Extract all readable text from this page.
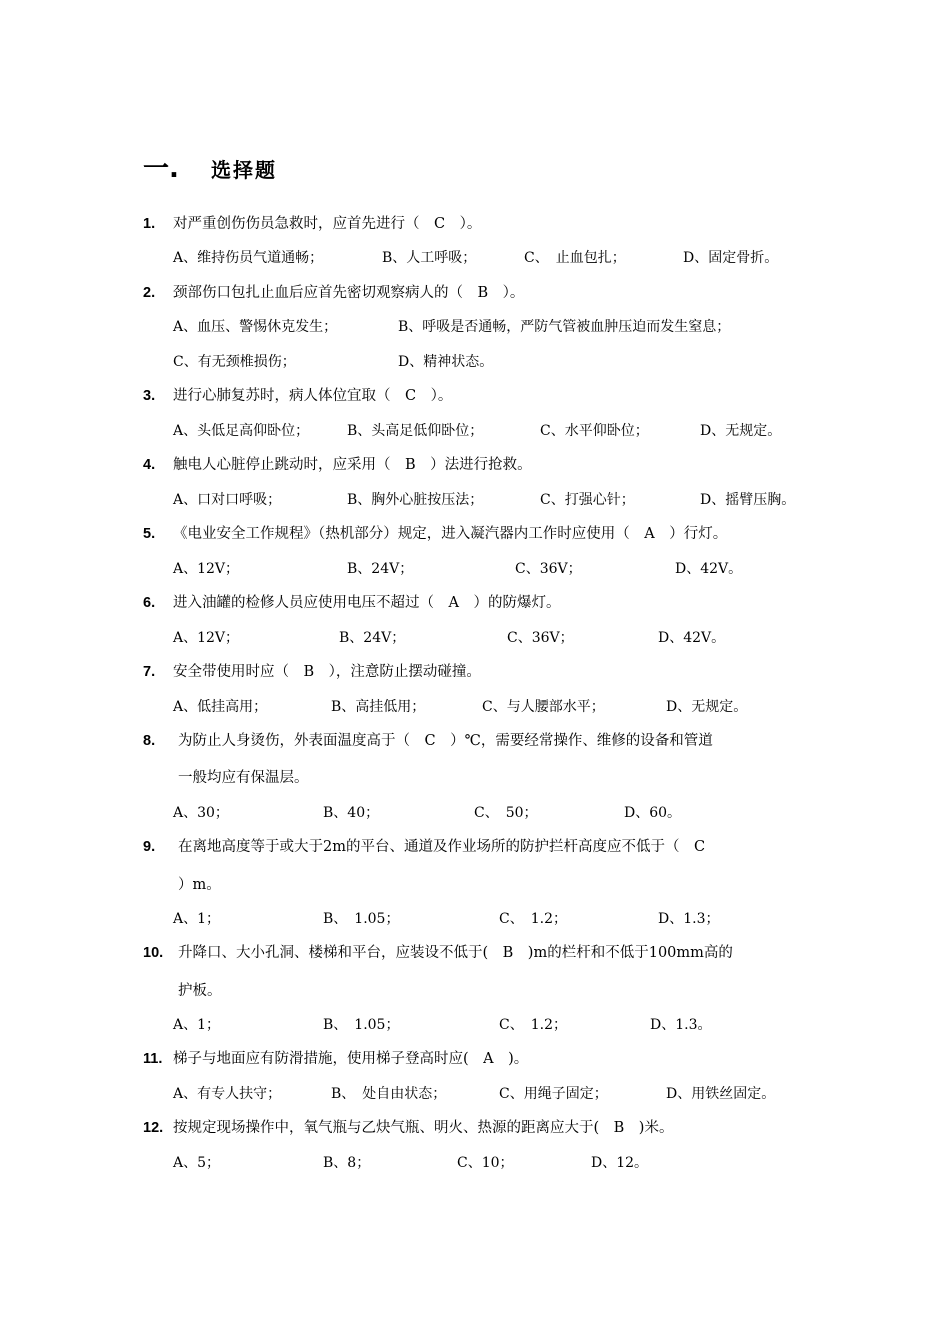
一.	选择题
1. 对严重创伤伤员急救时，应首先进行（　C　）。
A、维持伤员气道通畅；	B、人工呼吸；	C、　止血包扎；	D、固定骨折。
2. 颈部伤口包扎止血后应首先密切观察病人的（　B　）。
A、血压、警惕休克发生；	B、呼吸是否通畅，严防气管被血肿压迫而发生窒息；
C、有无颈椎损伤；	D、精神状态。
3. 进行心肺复苏时，病人体位宜取（　C　）。
A、头低足高仰卧位；	B、头高足低仰卧位；	C、水平仰卧位；	D、无规定。
4. 触电人心脏停止跳动时，应采用（　B　）法进行抢救。
A、口对口呼吸；	B、胸外心脏按压法；	C、打强心针；	D、摇臂压胸。
5. 《电业安全工作规程》（热机部分）规定，进入凝汽器内工作时应使用（　A　）行灯。
A、12V；	B、24V；	C、36V；	D、42V。
6. 进入油罐的检修人员应使用电压不超过（　A　）的防爆灯。
A、12V；	B、24V；	C、36V；	D、42V。
7. 安全带使用时应（　B　），注意防止摆动碰撞。
A、低挂高用；	B、高挂低用；	C、与人腰部水平；	D、无规定。
8. 为防止人身烫伤，外表面温度高于（　C　）℃，需要经常操作、维修的设备和管道
一般均应有保温层。
A、30；	B、40；	C、　50；	D、60。
9. 在离地高度等于或大于2m的平台、通道及作业场所的防护拦杆高度应不低于（　C
）m。
A、1；	B、　1.05；	C、　1.2；	D、1.3；
10. 升降口、大小孔洞、楼梯和平台，应装设不低于(　B　)m的栏杆和不低于100mm高的
护板。
A、1；	B、　1.05；	C、　1.2；	D、1.3。
11. 梯子与地面应有防滑措施，使用梯子登高时应(　A　)。
A、有专人扶守；	B、　处自由状态；	C、用绳子固定；	D、用铁丝固定。
12. 按规定现场操作中，氧气瓶与乙炔气瓶、明火、热源的距离应大于(　B　)米。
A、5；	B、8；	C、10；	D、12。
